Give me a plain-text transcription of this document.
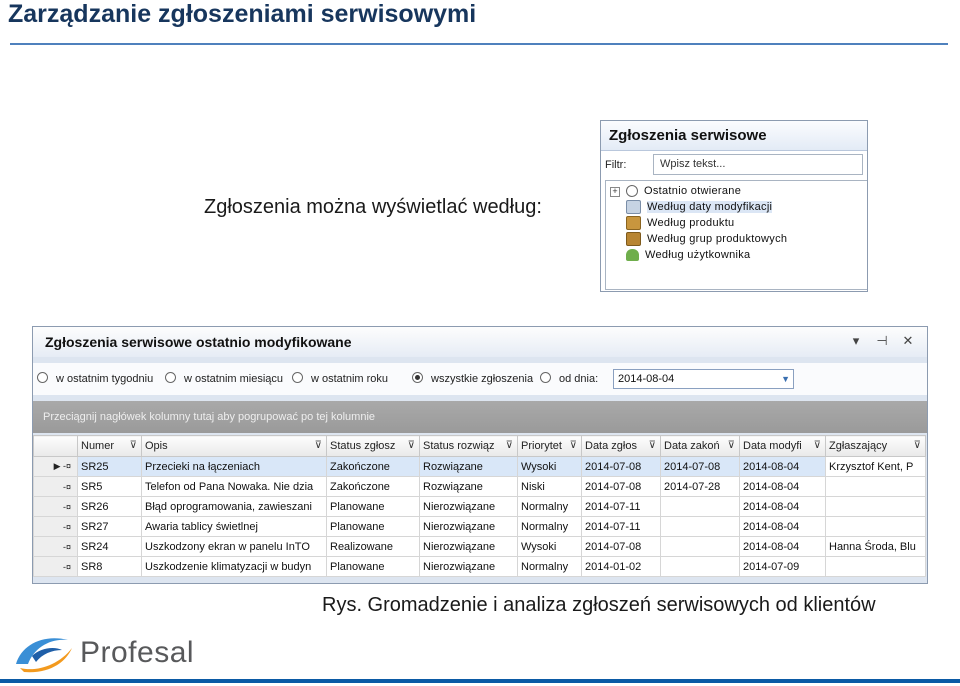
Zarządzanie zgłoszeniami serwisowymi
Zgłoszenia można wyświetlać według:
Zgłoszenia serwisowe
Filtr:	Wpisz tekst...
+	Ostatnio otwierane
Według daty modyfikacji
Według produktu
Według grup produktowych
Według użytkownika
Zgłoszenia serwisowe ostatnio modyfikowane	▾	⊣ ✕
w ostatnim tygodniu	w ostatnim miesiącu	w ostatnim roku	wszystkie zgłoszenia	od dnia:	2014-08-04	▼
Przeciągnij nagłówek kolumny tutaj aby pogrupować po tej kolumnie
	Numer ⊽	Opis ⊽	Status zgłosz ⊽	Status rozwiąz ⊽	Priorytet ⊽	Data zgłos ⊽	Data zakoń ⊽	Data modyfi ⊽	Zgłaszający ⊽

▶ -¤	SR25	Przecieki na łączeniach	Zakończone	Rozwiązane	Wysoki	2014-07-08	2014-07-08	2014-08-04	Krzysztof Kent, P
-¤	SR5	Telefon od Pana Nowaka. Nie dzia	Zakończone	Rozwiązane	Niski	2014-07-08	2014-07-28	2014-08-04	
-¤	SR26	Błąd oprogramowania, zawieszani	Planowane	Nierozwiązane	Normalny	2014-07-11		2014-08-04	
-¤	SR27	Awaria tablicy świetlnej	Planowane	Nierozwiązane	Normalny	2014-07-11		2014-08-04	
-¤	SR24	Uszkodzony ekran w panelu InTO	Realizowane	Nierozwiązane	Wysoki	2014-07-08		2014-08-04	Hanna Środa, Blu
-¤	SR8	Uszkodzenie klimatyzacji w budyn	Planowane	Nierozwiązane	Normalny	2014-01-02		2014-07-09	
Rys. Gromadzenie i analiza zgłoszeń serwisowych od klientów
Profesal
